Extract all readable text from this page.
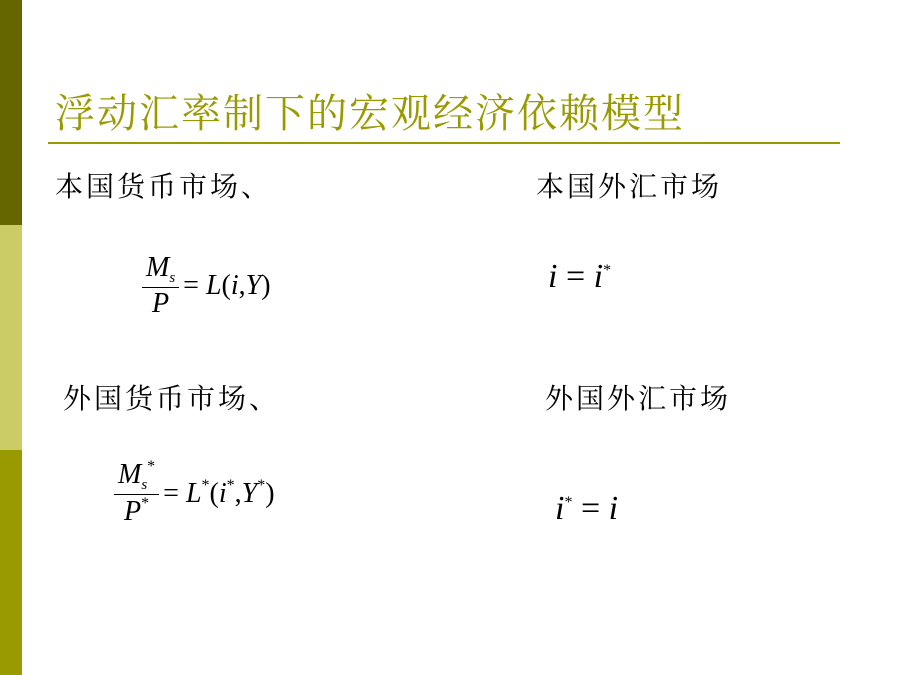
浮动汇率制下的宏观经济依赖模型
本国货币市场、	本国外汇市场
外国货币市场、	外国外汇市场
$\frac{M_s}{P} = L(i,Y)$	i = i*
$\frac{M_s^*}{P^*} = L^*(i^*,Y^*)$	i* = i
